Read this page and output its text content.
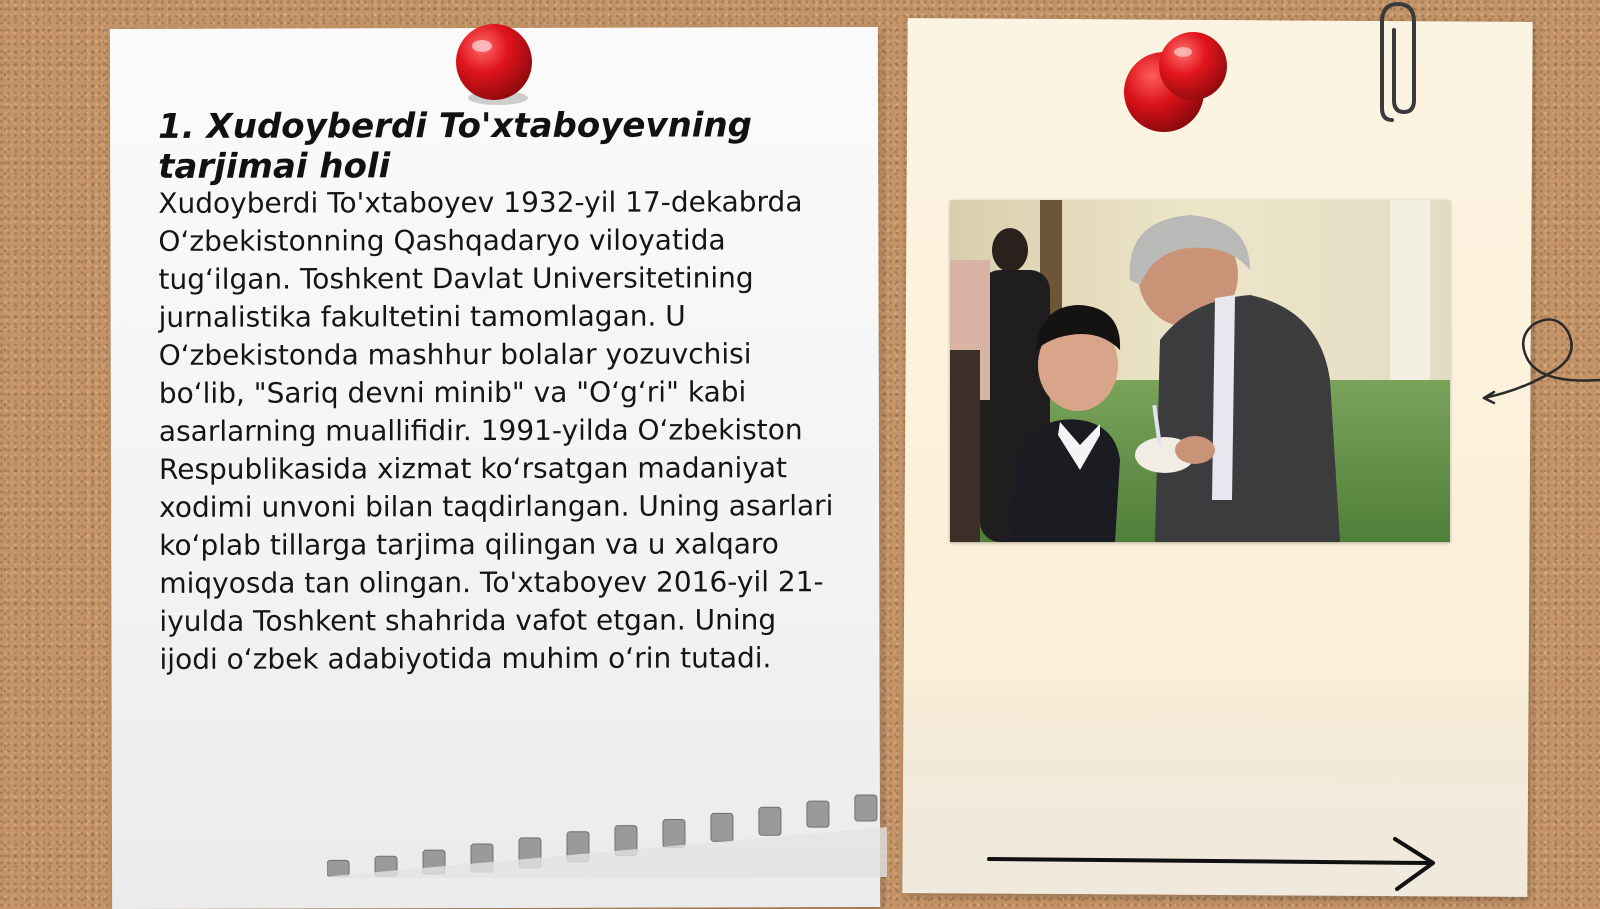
1. Xudoyberdi To'xtaboyevning tarjimai holi

Xudoyberdi To'xtaboyev 1932-yil 17-dekabrda O‘zbekistonning Qashqadaryo viloyatida tug‘ilgan. Toshkent Davlat Universitetining jurnalistika fakultetini tamomlagan. U O‘zbekistonda mashhur bolalar yozuvchisi bo‘lib, "Sariq devni minib" va "O‘g‘ri" kabi asarlarning muallifidir. 1991-yilda O‘zbekiston Respublikasida xizmat ko‘rsatgan madaniyat xodimi unvoni bilan taqdirlangan. Uning asarlari ko‘plab tillarga tarjima qilingan va u xalqaro miqyosda tan olingan. To'xtaboyev 2016-yil 21-iyulda Toshkent shahrida vafot etgan. Uning ijodi o‘zbek adabiyotida muhim o‘rin tutadi.
